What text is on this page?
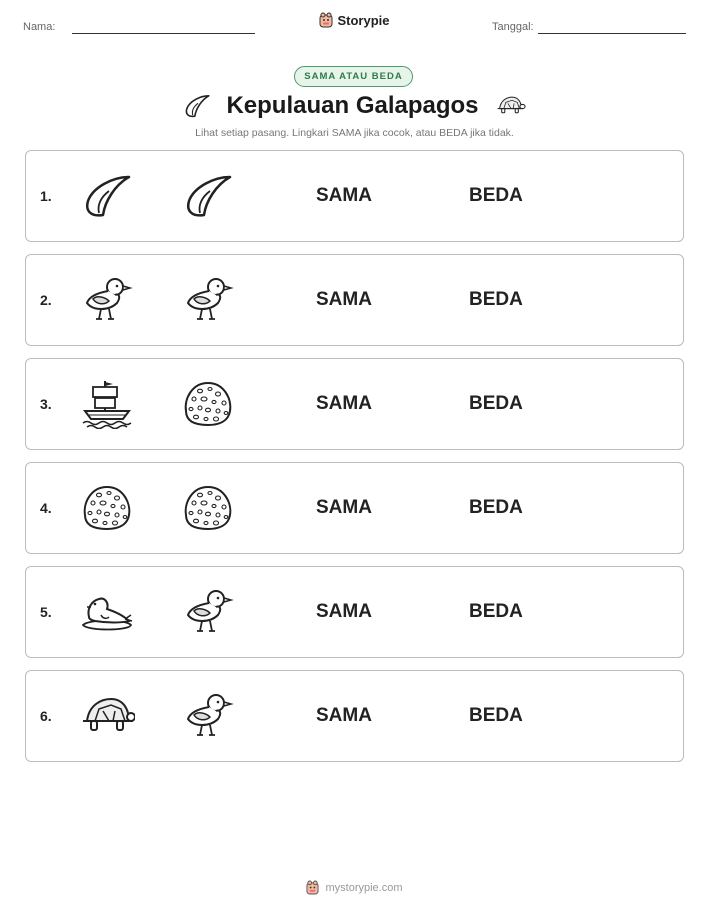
Nama:	Storypie	Tanggal:
SAMA ATAU BEDA
Kepulauan Galapagos
Lihat setiap pasang. Lingkari SAMA jika cocok, atau BEDA jika tidak.
1.	SAMA	BEDA
2.	SAMA	BEDA
3.	SAMA	BEDA
4.	SAMA	BEDA
5.	SAMA	BEDA
6.	SAMA	BEDA
mystorypie.com
